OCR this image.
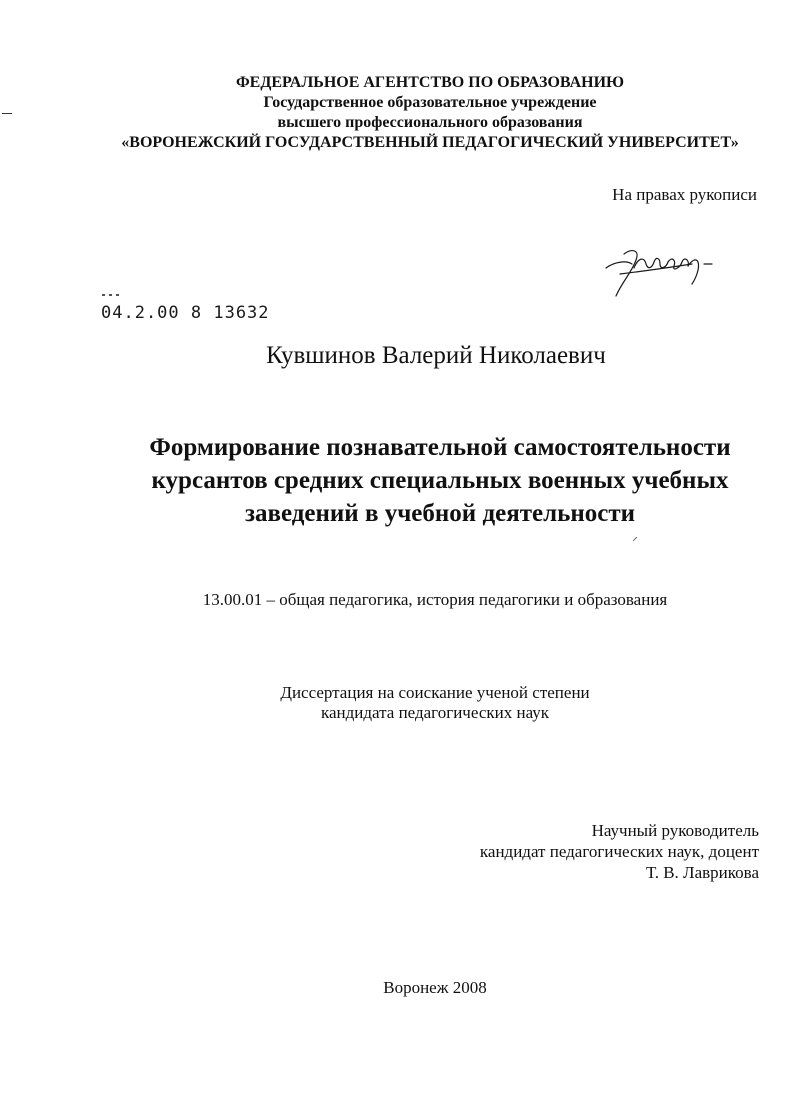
ФЕДЕРАЛЬНОЕ АГЕНТСТВО ПО ОБРАЗОВАНИЮ
Государственное образовательное учреждение
высшего профессионального образования
«ВОРОНЕЖСКИЙ ГОСУДАРСТВЕННЫЙ ПЕДАГОГИЧЕСКИЙ УНИВЕРСИТЕТ»
На правах рукописи
04.2.00 8 13632
Кувшинов Валерий Николаевич
Формирование познавательной самостоятельности
курсантов средних специальных военных учебных
заведений в учебной деятельности
13.00.01 – общая педагогика, история педагогики и образования
Диссертация на соискание ученой степени
кандидата педагогических наук
Научный руководитель
кандидат педагогических наук, доцент
Т. В. Лаврикова
Воронеж 2008
